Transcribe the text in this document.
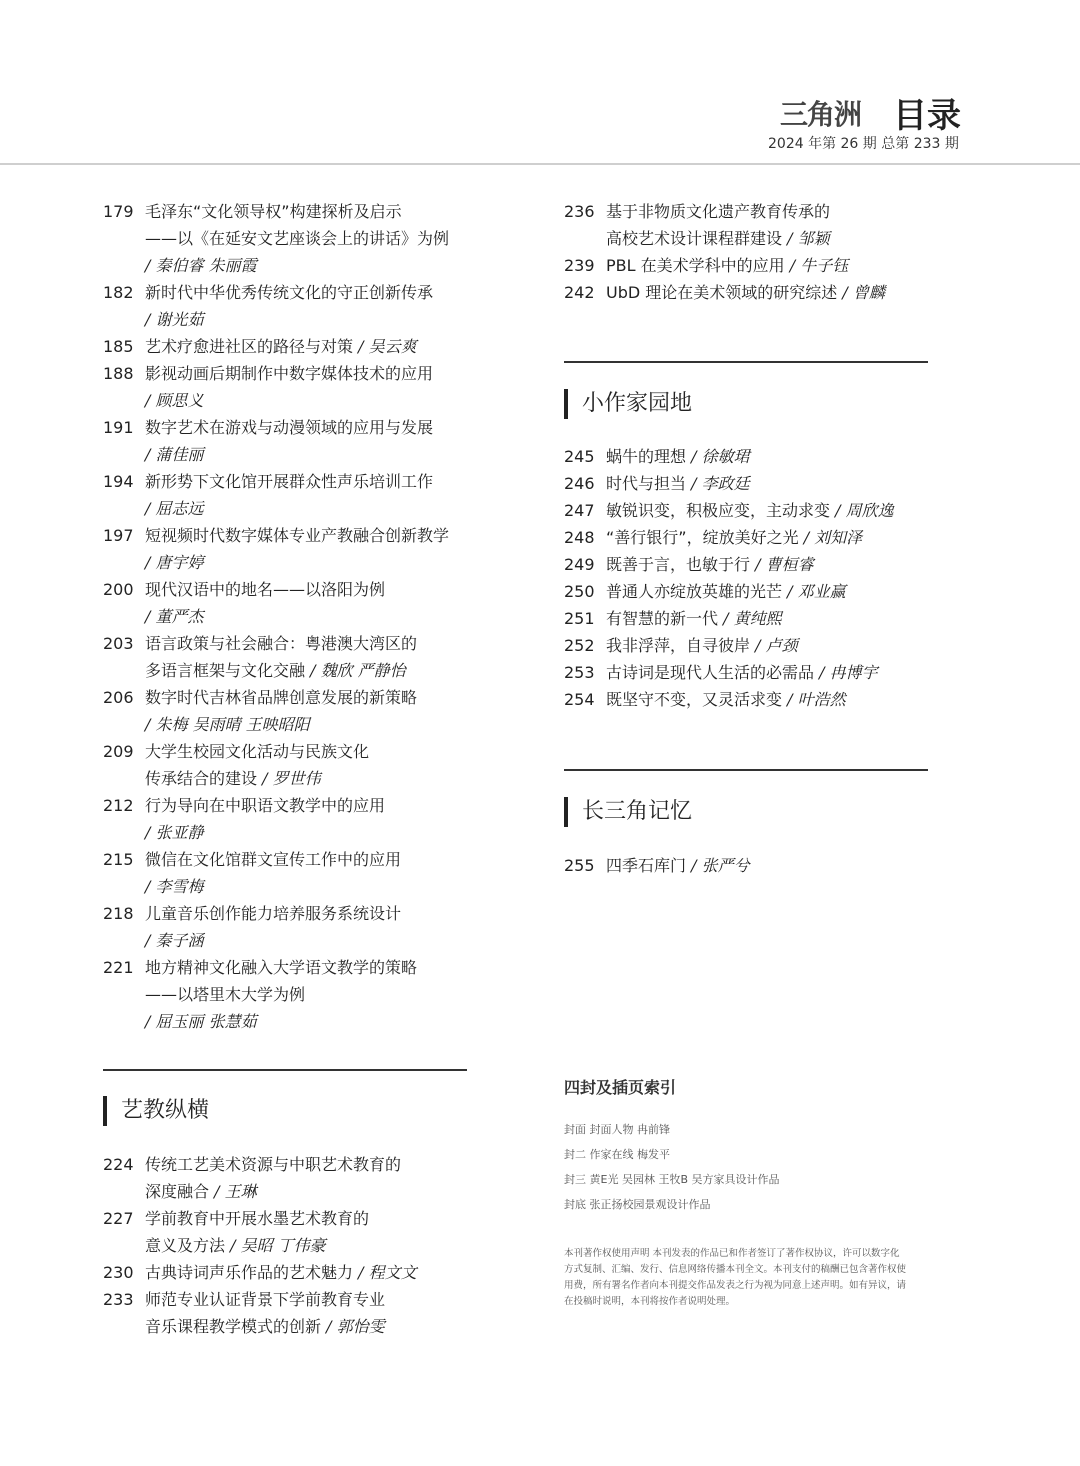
三角洲 目录
2024 年第 26 期 总第 233 期
179 毛泽东“文化领导权”构建探析及启示
——以《在延安文艺座谈会上的讲话》为例
/ 秦伯睿 朱丽霞
182 新时代中华优秀传统文化的守正创新传承
/ 谢光茹
185 艺术疗愈进社区的路径与对策 / 吴云爽
188 影视动画后期制作中数字媒体技术的应用
/ 顾思义
191 数字艺术在游戏与动漫领域的应用与发展
/ 蒲佳丽
194 新形势下文化馆开展群众性声乐培训工作
/ 屈志远
197 短视频时代数字媒体专业产教融合创新教学
/ 唐宇婷
200 现代汉语中的地名——以洛阳为例
/ 董严杰
203 语言政策与社会融合：粤港澳大湾区的
多语言框架与文化交融 / 魏欣 严静怡
206 数字时代吉林省品牌创意发展的新策略
/ 朱梅 吴雨晴 王映昭阳
209 大学生校园文化活动与民族文化
传承结合的建设 / 罗世伟
212 行为导向在中职语文教学中的应用
/ 张亚静
215 微信在文化馆群文宣传工作中的应用
/ 李雪梅
218 儿童音乐创作能力培养服务系统设计
/ 秦子涵
221 地方精神文化融入大学语文教学的策略
——以塔里木大学为例
/ 屈玉丽 张慧茹
艺教纵横
224 传统工艺美术资源与中职艺术教育的
深度融合 / 王琳
227 学前教育中开展水墨艺术教育的
意义及方法 / 吴昭 丁伟豪
230 古典诗词声乐作品的艺术魅力 / 程文文
233 师范专业认证背景下学前教育专业
音乐课程教学模式的创新 / 郭怡雯
236 基于非物质文化遗产教育传承的
高校艺术设计课程群建设 / 邹颖
239 PBL 在美术学科中的应用 / 牛子钰
242 UbD 理论在美术领域的研究综述 / 曾麟
小作家园地
245 蜗牛的理想 / 徐敏珺
246 时代与担当 / 李政廷
247 敏锐识变，积极应变，主动求变 / 周欣逸
248 “善行银行”，绽放美好之光 / 刘知泽
249 既善于言，也敏于行 / 曹桓睿
250 普通人亦绽放英雄的光芒 / 邓业赢
251 有智慧的新一代 / 黄纯熙
252 我非浮萍，自寻彼岸 / 卢颈
253 古诗词是现代人生活的必需品 / 冉博宇
254 既坚守不变，又灵活求变 / 叶浩然
长三角记忆
255 四季石库门 / 张严兮
四封及插页索引
封面 封面人物 冉前锋
封二 作家在线 梅发平
封三 黄E光 吴园林 王牧B 吴方家具设计作品
封底 张正扬校园景观设计作品
本刊著作权使用声明 本刊发表的作品已和作者签订了著作权协议，许可以数字化方式复制、汇编、发行、信息网络传播本刊全文。本刊支付的稿酬已包含著作权使用费，所有署名作者向本刊提交作品发表之行为视为同意上述声明。如有异议，请在投稿时说明，本刊将按作者说明处理。
